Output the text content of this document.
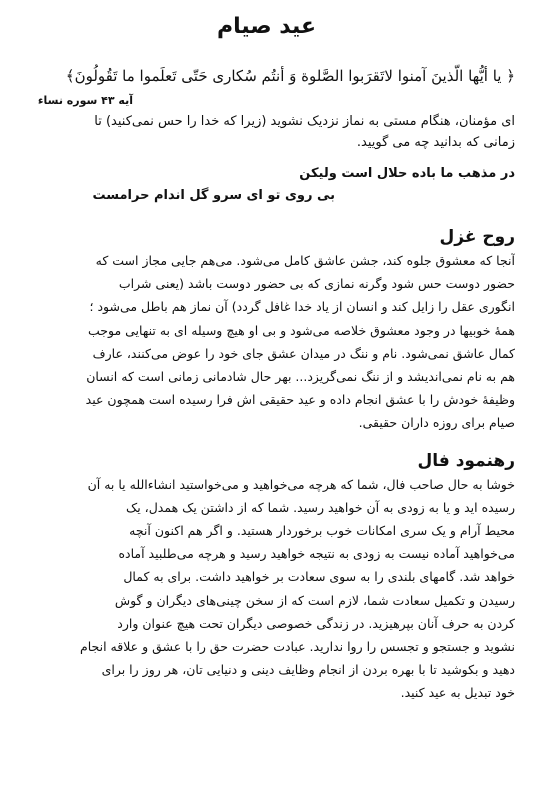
عید صیام
﴿ یا أیُّها الّذینَ آمنوا لاتَقرَبوا الصَّلوة وَ أنتُم سُکاری حَتّی تَعلَموا ما تَقُولُونَ﴾
آیه ۴۳ سوره نساء
ای مؤمنان، هنگام مستی به نماز نزدیک نشوید (زیرا که خدا را حس نمی‌کنید) تا
زمانی که بدانید چه می گویید.
در مذهب ما باده حلال است ولیکن
بی روی تو ای سرو گل اندام حرامست
روح غزل
آنجا که معشوق جلوه کند، جشن عاشق کامل می‌شود. می‌هم جایی مجاز است که
حضور دوست حس شود وگرنه نمازی که بی حضور دوست باشد (یعنی شراب
انگوری عقل را زایل کند و انسان از یاد خدا غافل گردد) آن نماز هم باطل می‌شود ؛
همهٔ خوبیها در وجود معشوق خلاصه می‌شود و بی او هیچ وسیله ای به تنهایی موجب
کمال عاشق نمی‌شود. نام و ننگ در میدان عشق جای خود را عوض می‌کنند، عارف
هم به نام نمی‌اندیشد و از ننگ نمی‌گریزد... بهر حال شادمانی زمانی است که انسان
وظیفهٔ خودش را با عشق انجام داده و عید حقیقی اش فرا رسیده است همچون عید
صیام برای روزه داران حقیقی.
رهنمود فال
خوشا به حال صاحب فال، شما که هرچه می‌خواهید و می‌خواستید انشاءالله یا به آن
رسیده اید و یا به زودی به آن خواهید رسید. شما که از داشتن یک همدل، یک
محیط آرام و یک سری امکانات خوب برخوردار هستید. و اگر هم اکنون آنچه
می‌خواهید آماده نیست به زودی به نتیجه خواهید رسید و هرچه می‌طلبید آماده
خواهد شد. گامهای بلندی را به سوی سعادت بر خواهید داشت. برای به کمال
رسیدن و تکمیل سعادت شما، لازم است که از سخن چینی‌های دیگران و گوش
کردن به حرف آنان بپرهیزید. در زندگی خصوصی دیگران تحت هیچ عنوان وارد
نشوید و جستجو و تجسس را روا نداريد. عبادت حضرت حق را با عشق و علاقه انجام
دهید و بکوشید تا با بهره بردن از انجام وظایف دینی و دنیایی تان، هر روز را برای
خود تبدیل به عید کنید.
